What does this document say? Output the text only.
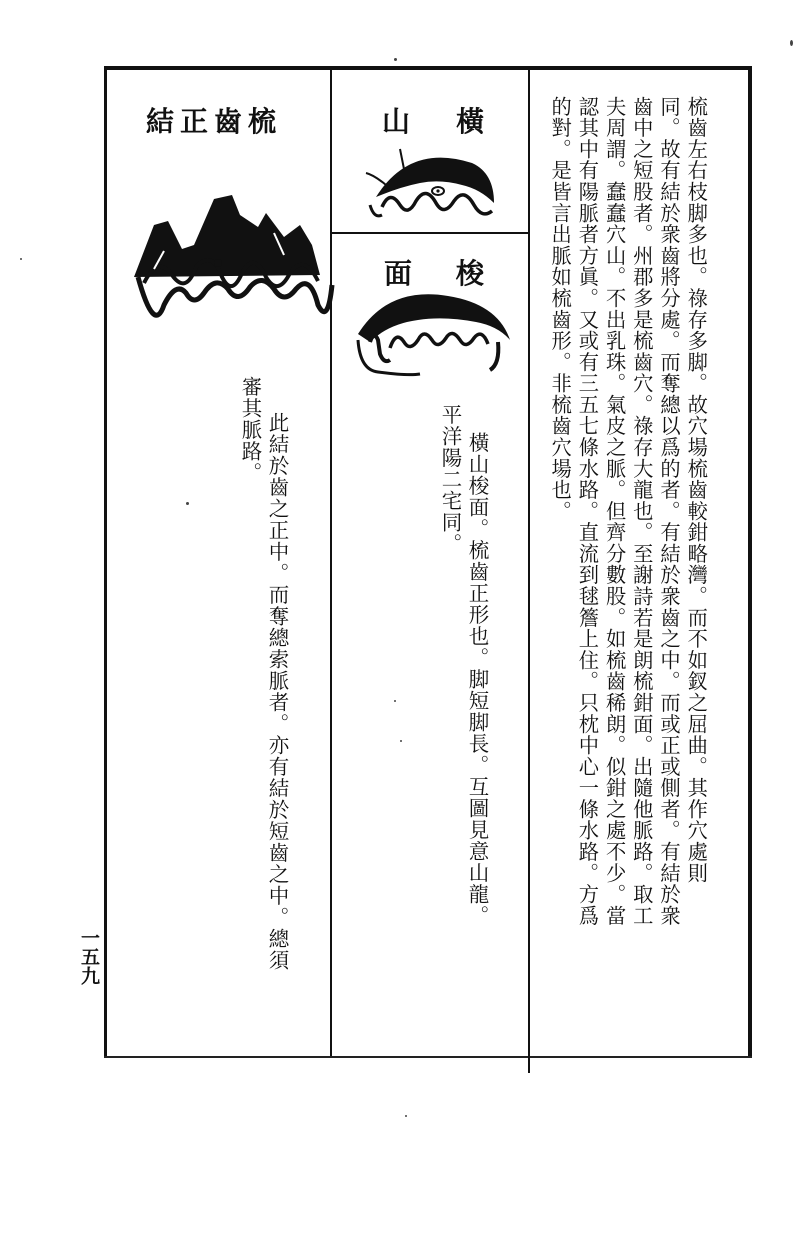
一五九
梳齒正結
此結於齒之正中。而奪總索脈者。亦有結於短齒之中。總須
審其脈路。
橫山
梭面
橫山梭面。梳齒正形也。脚短脚長。互圖見意山龍。
平洋陽二宅同。	梳齒左右枝脚多也。祿存多脚。故穴場梳齒較鉗略灣。而不如釵之屈曲。其作穴處則
同。故有結於衆齒將分處。而奪總以爲的者。有結於衆齒之中。而或正或側者。有結於衆
齒中之短股者。州郡多是梳齒穴。祿存大龍也。至謝詩若是朗梳鉗面。出隨他脈路。取工
夫周謂。蠢蠢穴山。不出乳珠。氣皮之脈。但齊分數股。如梳齒稀朗。似鉗之處不少。當
認其中有陽脈者方眞。又或有三五七條水路。直流到毬簷上住。只枕中心一條水路。方爲
的對。是皆言出脈如梳齒形。非梳齒穴場也。
